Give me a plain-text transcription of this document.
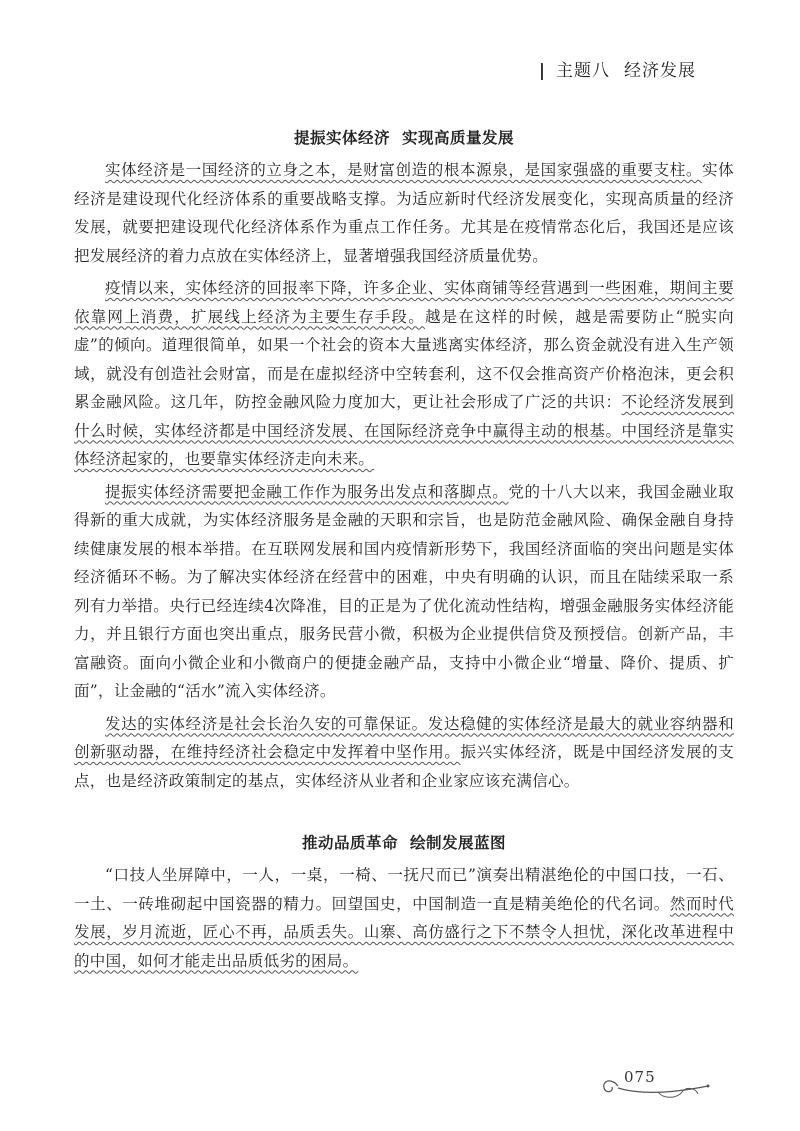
| 主题八 经济发展
提振实体经济 实现高质量发展

实体经济是一国经济的立身之本，是财富创造的根本源泉，是国家强盛的重要支柱。实体经济是建设现代化经济体系的重要战略支撑。为适应新时代经济发展变化，实现高质量的经济发展，就要把建设现代化经济体系作为重点工作任务。尤其是在疫情常态化后，我国还是应该把发展经济的着力点放在实体经济上，显著增强我国经济质量优势。

疫情以来，实体经济的回报率下降，许多企业、实体商铺等经营遇到一些困难，期间主要依靠网上消费，扩展线上经济为主要生存手段。越是在这样的时候，越是需要防止“脱实向虚”的倾向。道理很简单，如果一个社会的资本大量逃离实体经济，那么资金就没有进入生产领域，就没有创造社会财富，而是在虚拟经济中空转套利，这不仅会推高资产价格泡沫，更会积累金融风险。这几年，防控金融风险力度加大，更让社会形成了广泛的共识：不论经济发展到什么时候，实体经济都是中国经济发展、在国际经济竞争中赢得主动的根基。中国经济是靠实体经济起家的，也要靠实体经济走向未来。

提振实体经济需要把金融工作作为服务出发点和落脚点。党的十八大以来，我国金融业取得新的重大成就，为实体经济服务是金融的天职和宗旨，也是防范金融风险、确保金融自身持续健康发展的根本举措。在互联网发展和国内疫情新形势下，我国经济面临的突出问题是实体经济循环不畅。为了解决实体经济在经营中的困难，中央有明确的认识，而且在陆续采取一系列有力举措。央行已经连续4次降准，目的正是为了优化流动性结构，增强金融服务实体经济能力，并且银行方面也突出重点，服务民营小微，积极为企业提供信贷及预授信。创新产品，丰富融资。面向小微企业和小微商户的便捷金融产品，支持中小微企业“增量、降价、提质、扩面”，让金融的“活水”流入实体经济。

发达的实体经济是社会长治久安的可靠保证。发达稳健的实体经济是最大的就业容纳器和创新驱动器，在维持经济社会稳定中发挥着中坚作用。振兴实体经济，既是中国经济发展的支点，也是经济政策制定的基点，实体经济从业者和企业家应该充满信心。

推动品质革命 绘制发展蓝图

“口技人坐屏障中，一人，一桌，一椅、一抚尺而已”演奏出精湛绝伦的中国口技，一石、一土、一砖堆砌起中国瓷器的精力。回望国史，中国制造一直是精美绝伦的代名词。然而时代发展，岁月流逝，匠心不再，品质丢失。山寨、高仿盛行之下不禁令人担忧，深化改革进程中的中国，如何才能走出品质低劣的困局。

075
